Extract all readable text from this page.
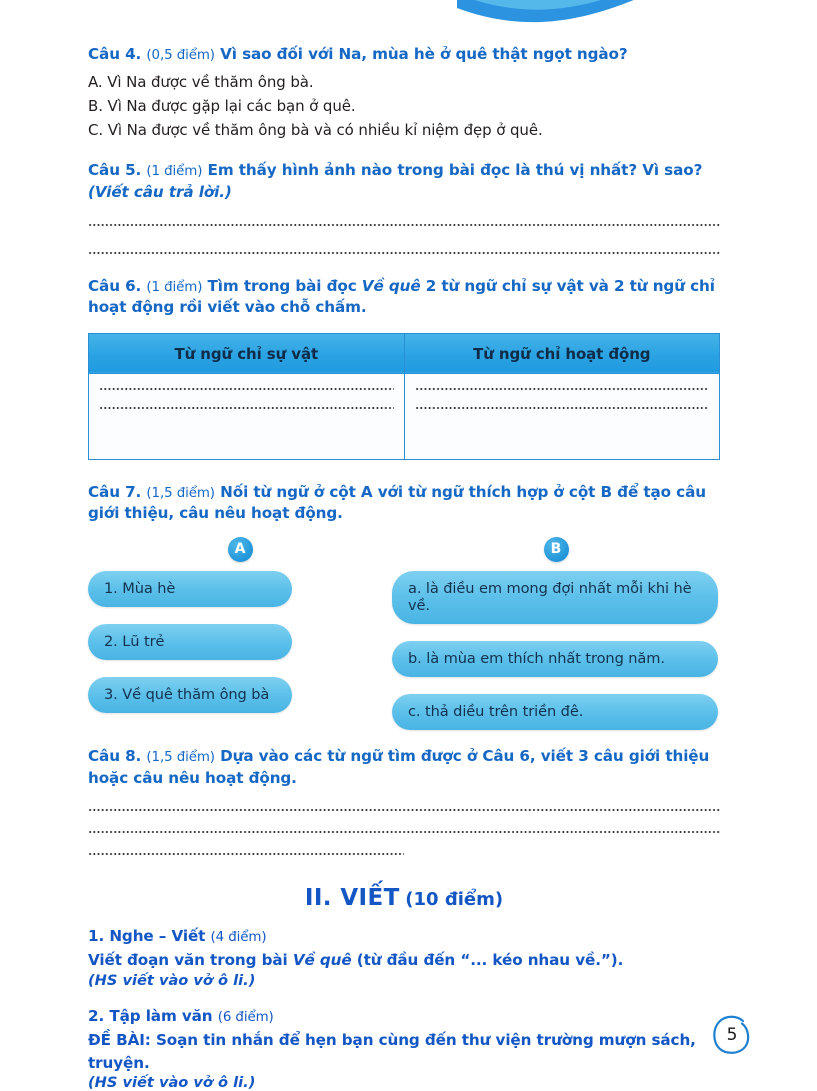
Câu 4. (0,5 điểm) Vì sao đối với Na, mùa hè ở quê thật ngọt ngào?
A. Vì Na được về thăm ông bà.
B. Vì Na được gặp lại các bạn ở quê.
C. Vì Na được về thăm ông bà và có nhiều kỉ niệm đẹp ở quê.
Câu 5. (1 điểm) Em thấy hình ảnh nào trong bài đọc là thú vị nhất? Vì sao? (Viết câu trả lời.)
Câu 6. (1 điểm) Tìm trong bài đọc Về quê 2 từ ngữ chỉ sự vật và 2 từ ngữ chỉ hoạt động rồi viết vào chỗ chấm.
Từ ngữ chỉ sự vật	Từ ngữ chỉ hoạt động

Câu 7. (1,5 điểm) Nối từ ngữ ở cột A với từ ngữ thích hợp ở cột B để tạo câu giới thiệu, câu nêu hoạt động.
A	B
1. Mùa hè
2. Lũ trẻ
3. Về quê thăm ông bà
a. là điều em mong đợi nhất mỗi khi hè về.
b. là mùa em thích nhất trong năm.
c. thả diều trên triền đê.
Câu 8. (1,5 điểm) Dựa vào các từ ngữ tìm được ở Câu 6, viết 3 câu giới thiệu hoặc câu nêu hoạt động.
II. VIẾT (10 điểm)
1. Nghe – Viết (4 điểm)
Viết đoạn văn trong bài Về quê (từ đầu đến “... kéo nhau về.”).
(HS viết vào vở ô li.)
2. Tập làm văn (6 điểm)
ĐỀ BÀI: Soạn tin nhắn để hẹn bạn cùng đến thư viện trường mượn sách, truyện.
(HS viết vào vở ô li.)
5
